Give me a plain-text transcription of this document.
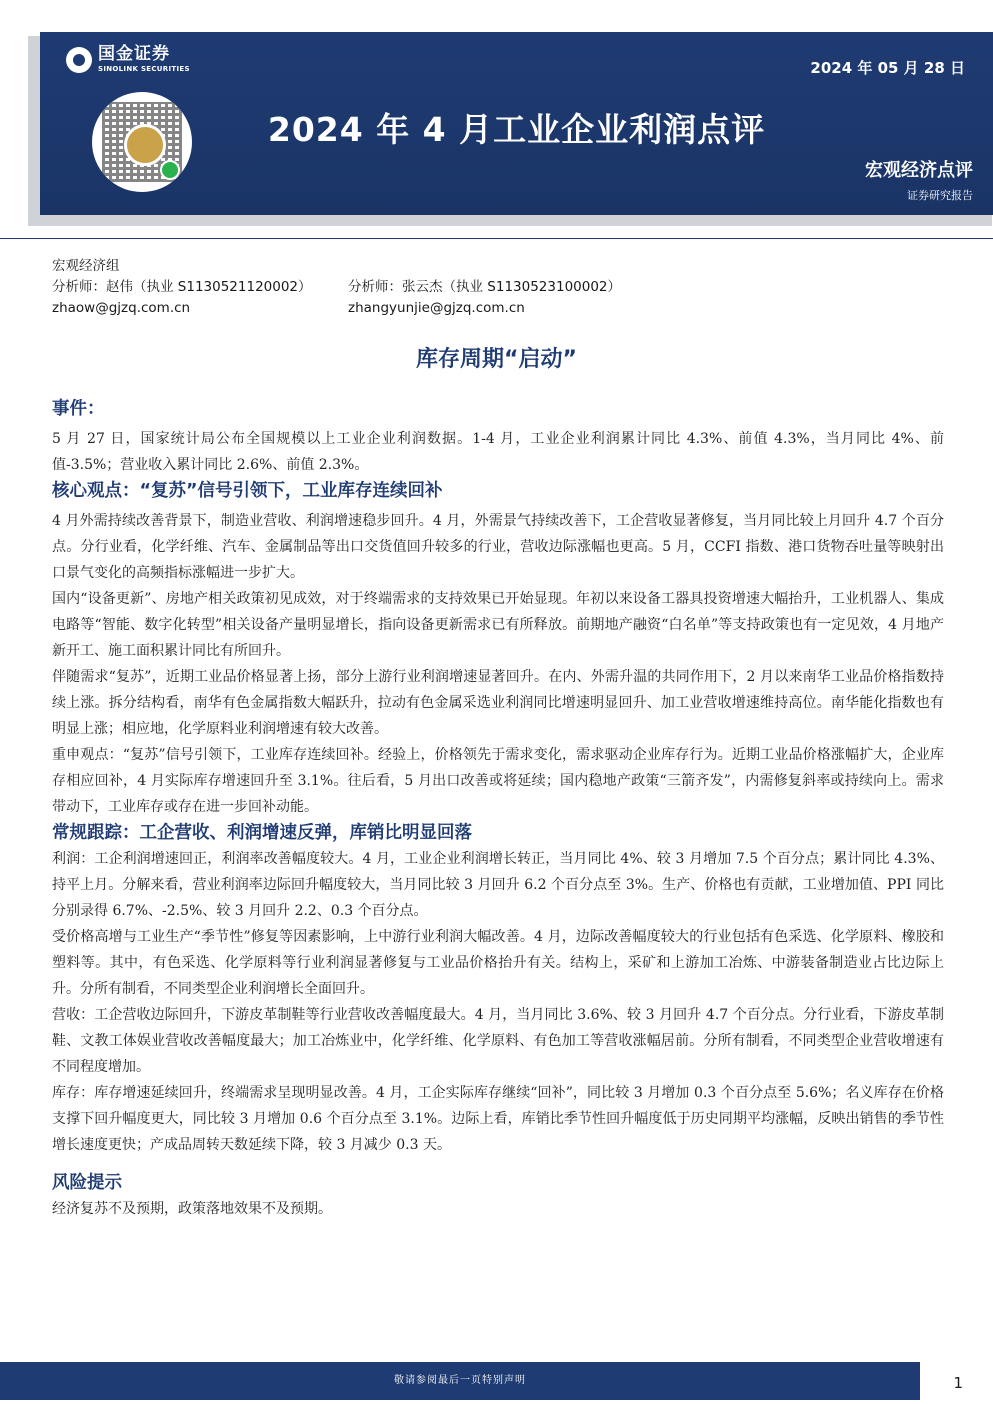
国金证券
SINOLINK SECURITIES	2024 年 05 月 28 日
2024 年 4 月工业企业利润点评
宏观经济点评
证券研究报告
宏观经济组
分析师：赵伟（执业 S1130521120002）	分析师：张云杰（执业 S1130523100002）
zhaow@gjzq.com.cn	zhangyunjie@gjzq.com.cn
库存周期“启动”
事件：

5 月 27 日，国家统计局公布全国规模以上工业企业利润数据。1-4 月，工业企业利润累计同比 4.3%、前值 4.3%，当月同比 4%、前值-3.5%；营业收入累计同比 2.6%、前值 2.3%。

核心观点：“复苏”信号引领下，工业库存连续回补

4 月外需持续改善背景下，制造业营收、利润增速稳步回升。4 月，外需景气持续改善下，工企营收显著修复，当月同比较上月回升 4.7 个百分点。分行业看，化学纤维、汽车、金属制品等出口交货值回升较多的行业，营收边际涨幅也更高。5 月，CCFI 指数、港口货物吞吐量等映射出口景气变化的高频指标涨幅进一步扩大。

国内“设备更新”、房地产相关政策初见成效，对于终端需求的支持效果已开始显现。年初以来设备工器具投资增速大幅抬升，工业机器人、集成电路等“智能、数字化转型”相关设备产量明显增长，指向设备更新需求已有所释放。前期地产融资“白名单”等支持政策也有一定见效，4 月地产新开工、施工面积累计同比有所回升。

伴随需求“复苏”，近期工业品价格显著上扬，部分上游行业利润增速显著回升。在内、外需升温的共同作用下，2 月以来南华工业品价格指数持续上涨。拆分结构看，南华有色金属指数大幅跃升，拉动有色金属采选业利润同比增速明显回升、加工业营收增速维持高位。南华能化指数也有明显上涨；相应地，化学原料业利润增速有较大改善。

重申观点：“复苏”信号引领下，工业库存连续回补。经验上，价格领先于需求变化，需求驱动企业库存行为。近期工业品价格涨幅扩大，企业库存相应回补，4 月实际库存增速回升至 3.1%。往后看，5 月出口改善或将延续；国内稳地产政策“三箭齐发”，内需修复斜率或持续向上。需求带动下，工业库存或存在进一步回补动能。

常规跟踪：工企营收、利润增速反弹，库销比明显回落

利润：工企利润增速回正，利润率改善幅度较大。4 月，工业企业利润增长转正，当月同比 4%、较 3 月增加 7.5 个百分点；累计同比 4.3%、持平上月。分解来看，营业利润率边际回升幅度较大，当月同比较 3 月回升 6.2 个百分点至 3%。生产、价格也有贡献，工业增加值、PPI 同比分别录得 6.7%、-2.5%、较 3 月回升 2.2、0.3 个百分点。

受价格高增与工业生产“季节性”修复等因素影响，上中游行业利润大幅改善。4 月，边际改善幅度较大的行业包括有色采选、化学原料、橡胶和塑料等。其中，有色采选、化学原料等行业利润显著修复与工业品价格抬升有关。结构上，采矿和上游加工冶炼、中游装备制造业占比边际上升。分所有制看，不同类型企业利润增长全面回升。

营收：工企营收边际回升，下游皮革制鞋等行业营收改善幅度最大。4 月，当月同比 3.6%、较 3 月回升 4.7 个百分点。分行业看，下游皮革制鞋、文教工体娱业营收改善幅度最大；加工冶炼业中，化学纤维、化学原料、有色加工等营收涨幅居前。分所有制看，不同类型企业营收增速有不同程度增加。

库存：库存增速延续回升，终端需求呈现明显改善。4 月，工企实际库存继续“回补”，同比较 3 月增加 0.3 个百分点至 5.6%；名义库存在价格支撑下回升幅度更大，同比较 3 月增加 0.6 个百分点至 3.1%。边际上看，库销比季节性回升幅度低于历史同期平均涨幅，反映出销售的季节性增长速度更快；产成品周转天数延续下降，较 3 月减少 0.3 天。

风险提示

经济复苏不及预期，政策落地效果不及预期。

敬请参阅最后一页特别声明	1
